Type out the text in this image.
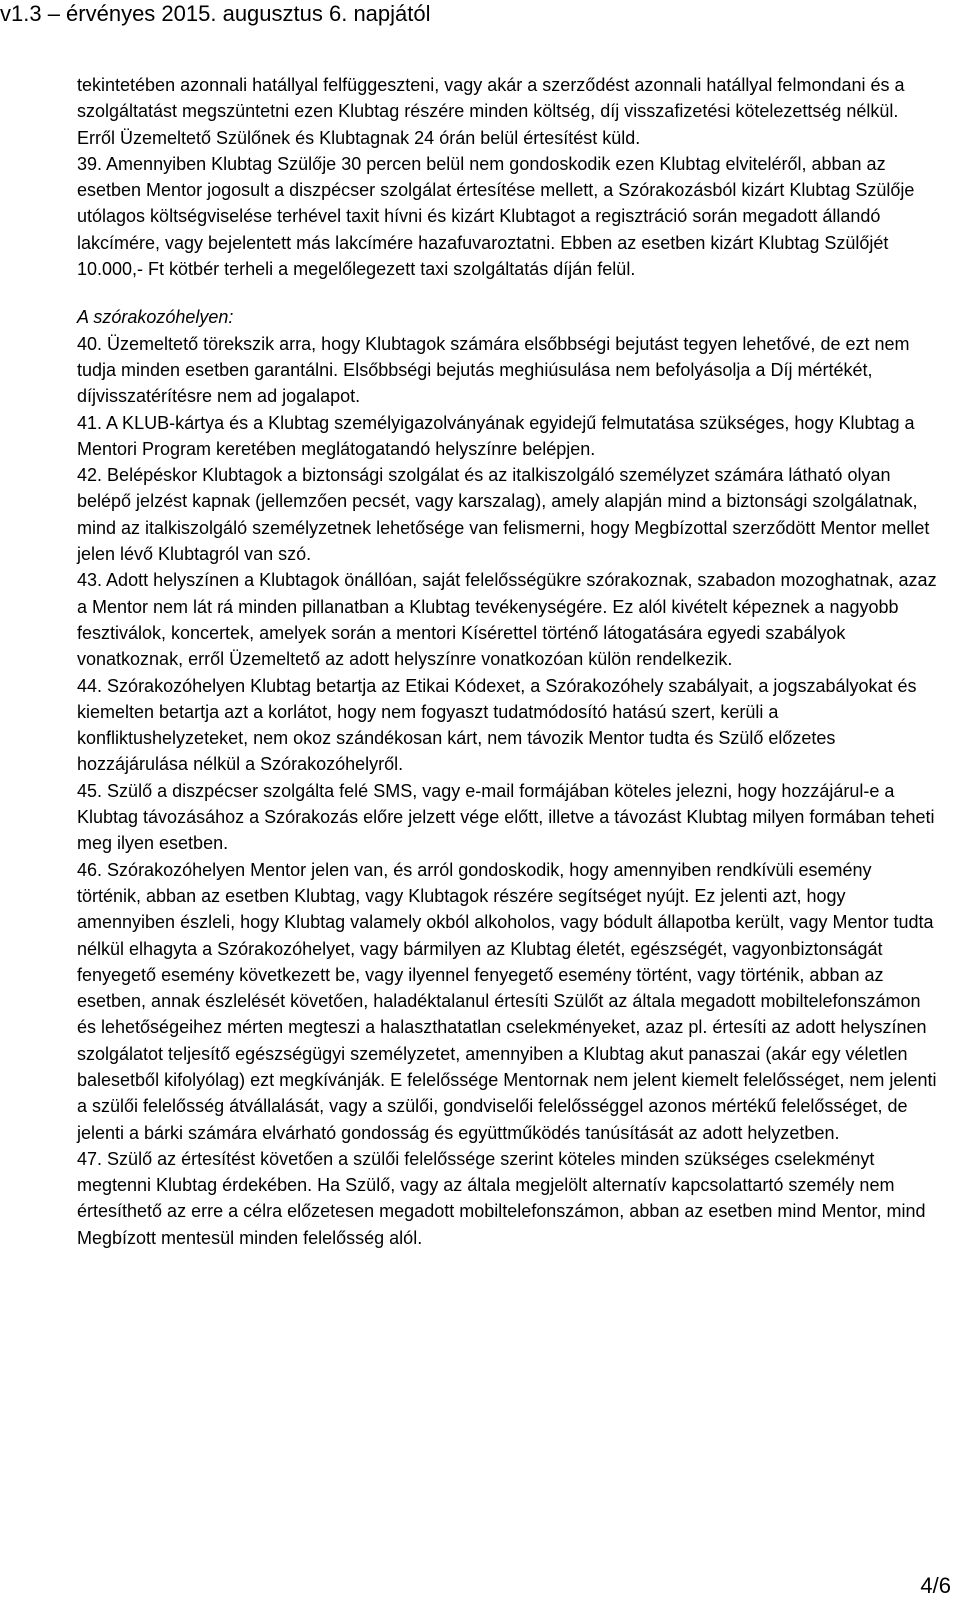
v1.3 – érvényes 2015. augusztus 6. napjától

tekintetében azonnali hatállyal felfüggeszteni, vagy akár a szerződést azonnali hatállyal felmondani és a szolgáltatást megszüntetni ezen Klubtag részére minden költség, díj visszafizetési kötelezettség nélkül. Erről Üzemeltető Szülőnek és Klubtagnak 24 órán belül értesítést küld.

39. Amennyiben Klubtag Szülője 30 percen belül nem gondoskodik ezen Klubtag elviteléről, abban az esetben Mentor jogosult a diszpécser szolgálat értesítése mellett, a Szórakozásból kizárt Klubtag Szülője utólagos költségviselése terhével taxit hívni és kizárt Klubtagot a regisztráció során megadott állandó lakcímére, vagy bejelentett más lakcímére hazafuvaroztatni. Ebben az esetben kizárt Klubtag Szülőjét 10.000,- Ft kötbér terheli a megelőlegezett taxi szolgáltatás díján felül.

A szórakozóhelyen:

40. Üzemeltető törekszik arra, hogy Klubtagok számára elsőbbségi bejutást tegyen lehetővé, de ezt nem tudja minden esetben garantálni. Elsőbbségi bejutás meghiúsulása nem befolyásolja a Díj mértékét, díjvisszatérítésre nem ad jogalapot.

41. A KLUB-kártya és a Klubtag személyigazolványának egyidejű felmutatása szükséges, hogy Klubtag a Mentori Program keretében meglátogatandó helyszínre belépjen.

42. Belépéskor Klubtagok a biztonsági szolgálat és az italkiszolgáló személyzet számára látható olyan belépő jelzést kapnak (jellemzően pecsét, vagy karszalag), amely alapján mind a biztonsági szolgálatnak, mind az italkiszolgáló személyzetnek lehetősége van felismerni, hogy Megbízottal szerződött Mentor mellet jelen lévő Klubtagról van szó.

43. Adott helyszínen a Klubtagok önállóan, saját felelősségükre szórakoznak, szabadon mozoghatnak, azaz a Mentor nem lát rá minden pillanatban a Klubtag tevékenységére. Ez alól kivételt képeznek a nagyobb fesztiválok, koncertek, amelyek során a mentori Kísérettel történő látogatására egyedi szabályok vonatkoznak, erről Üzemeltető az adott helyszínre vonatkozóan külön rendelkezik.

44. Szórakozóhelyen Klubtag betartja az Etikai Kódexet, a Szórakozóhely szabályait, a jogszabályokat és kiemelten betartja azt a korlátot, hogy nem fogyaszt tudatmódosító hatású szert, kerüli a konfliktushelyzeteket, nem okoz szándékosan kárt, nem távozik Mentor tudta és Szülő előzetes hozzájárulása nélkül a Szórakozóhelyről.

45. Szülő a diszpécser szolgálta felé SMS, vagy e-mail formájában köteles jelezni, hogy hozzájárul-e a Klubtag távozásához a Szórakozás előre jelzett vége előtt, illetve a távozást Klubtag milyen formában teheti meg ilyen esetben.

46. Szórakozóhelyen Mentor jelen van, és arról gondoskodik, hogy amennyiben rendkívüli esemény történik, abban az esetben Klubtag, vagy Klubtagok részére segítséget nyújt. Ez jelenti azt, hogy amennyiben észleli, hogy Klubtag valamely okból alkoholos, vagy bódult állapotba került, vagy Mentor tudta nélkül elhagyta a Szórakozóhelyet, vagy bármilyen az Klubtag életét, egészségét, vagyonbiztonságát fenyegető esemény következett be, vagy ilyennel fenyegető esemény történt, vagy történik, abban az esetben, annak észlelését követően, haladéktalanul értesíti Szülőt az általa megadott mobiltelefonszámon és lehetőségeihez mérten megteszi a halaszthatatlan cselekményeket, azaz pl. értesíti az adott helyszínen szolgálatot teljesítő egészségügyi személyzetet, amennyiben a Klubtag akut panaszai (akár egy véletlen balesetből kifolyólag) ezt megkívánják. E felelőssége Mentornak nem jelent kiemelt felelősséget, nem jelenti a szülői felelősség átvállalását, vagy a szülői, gondviselői felelősséggel azonos mértékű felelősséget, de jelenti a bárki számára elvárható gondosság és együttműködés tanúsítását az adott helyzetben.

47. Szülő az értesítést követően a szülői felelőssége szerint köteles minden szükséges cselekményt megtenni Klubtag érdekében. Ha Szülő, vagy az általa megjelölt alternatív kapcsolattartó személy nem értesíthető az erre a célra előzetesen megadott mobiltelefonszámon, abban az esetben mind Mentor, mind Megbízott mentesül minden felelősség alól.

4/6
